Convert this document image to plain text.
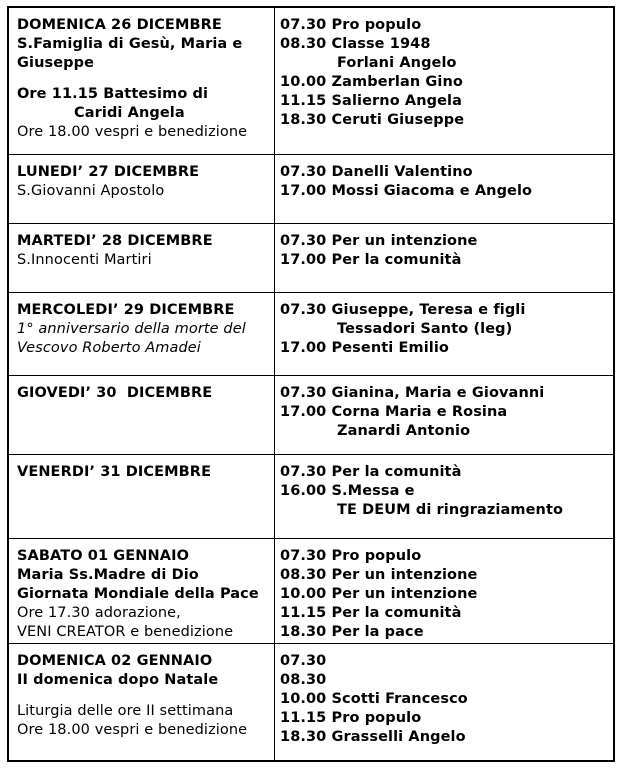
DOMENICA 26 DICEMBRE
S.Famiglia di Gesù, Maria e
Giuseppe
Ore 11.15 Battesimo di
Caridi Angela
Ore 18.00 vespri e benedizione
07.30 Pro populo
08.30 Classe 1948
Forlani Angelo
10.00 Zamberlan Gino
11.15 Salierno Angela
18.30 Ceruti Giuseppe
LUNEDI’ 27 DICEMBRE
S.Giovanni Apostolo
07.30 Danelli Valentino
17.00 Mossi Giacoma e Angelo
MARTEDI’ 28 DICEMBRE
S.Innocenti Martiri
07.30 Per un intenzione
17.00 Per la comunità
MERCOLEDI’ 29 DICEMBRE
1° anniversario della morte del
Vescovo Roberto Amadei
07.30 Giuseppe, Teresa e figli
Tessadori Santo (leg)
17.00 Pesenti Emilio
GIOVEDI’ 30  DICEMBRE	07.30 Gianina, Maria e Giovanni
17.00 Corna Maria e Rosina
Zanardi Antonio
VENERDI’ 31 DICEMBRE	07.30 Per la comunità
16.00 S.Messa e
TE DEUM di ringraziamento
SABATO 01 GENNAIO
Maria Ss.Madre di Dio
Giornata Mondiale della Pace
Ore 17.30 adorazione,
VENI CREATOR e benedizione
07.30 Pro populo
08.30 Per un intenzione
10.00 Per un intenzione
11.15 Per la comunità
18.30 Per la pace
DOMENICA 02 GENNAIO
II domenica dopo Natale
Liturgia delle ore II settimana
Ore 18.00 vespri e benedizione
07.30
08.30
10.00 Scotti Francesco
11.15 Pro populo
18.30 Grasselli Angelo
